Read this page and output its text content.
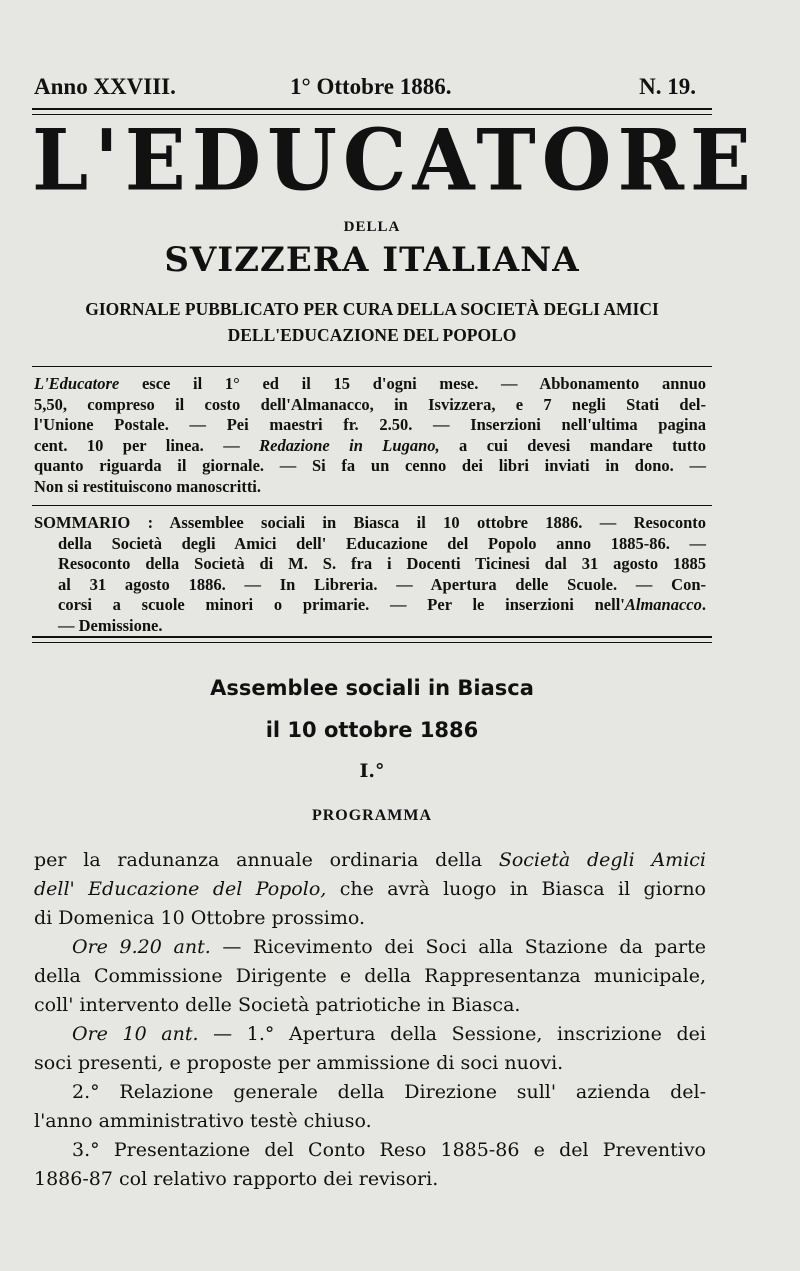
Anno XXVIII.	1° Ottobre 1886.	N. 19.
L'EDUCATORE
DELLA
SVIZZERA ITALIANA
GIORNALE PUBBLICATO PER CURA DELLA SOCIETÀ DEGLI AMICI
DELL'EDUCAZIONE DEL POPOLO
L'Educatore esce il 1° ed il 15 d'ogni mese. — Abbonamento annuo
5,50, compreso il costo dell'Almanacco, in Isvizzera, e 7 negli Stati del-
l'Unione Postale. — Pei maestri fr. 2.50. — Inserzioni nell'ultima pagina
cent. 10 per linea. — Redazione in Lugano, a cui devesi mandare tutto
quanto riguarda il giornale. — Si fa un cenno dei libri inviati in dono. —
Non si restituiscono manoscritti.
SOMMARIO : Assemblee sociali in Biasca il 10 ottobre 1886. — Resoconto
della Società degli Amici dell' Educazione del Popolo anno 1885-86. —
Resoconto della Società di M. S. fra i Docenti Ticinesi dal 31 agosto 1885
al 31 agosto 1886. — In Libreria. — Apertura delle Scuole. — Con-
corsi a scuole minori o primarie. — Per le inserzioni nell'Almanacco.
— Demissione.
Assemblee sociali in Biasca
il 10 ottobre 1886
I.°
PROGRAMMA
per la radunanza annuale ordinaria della Società degli Amici
dell' Educazione del Popolo, che avrà luogo in Biasca il giorno
di Domenica 10 Ottobre prossimo.
Ore 9.20 ant. — Ricevimento dei Soci alla Stazione da parte
della Commissione Dirigente e della Rappresentanza municipale,
coll' intervento delle Società patriotiche in Biasca.
Ore 10 ant. — 1.° Apertura della Sessione, inscrizione dei
soci presenti, e proposte per ammissione di soci nuovi.
2.° Relazione generale della Direzione sull' azienda del-
l'anno amministrativo testè chiuso.
3.° Presentazione del Conto Reso 1885-86 e del Preventivo
1886-87 col relativo rapporto dei revisori.
